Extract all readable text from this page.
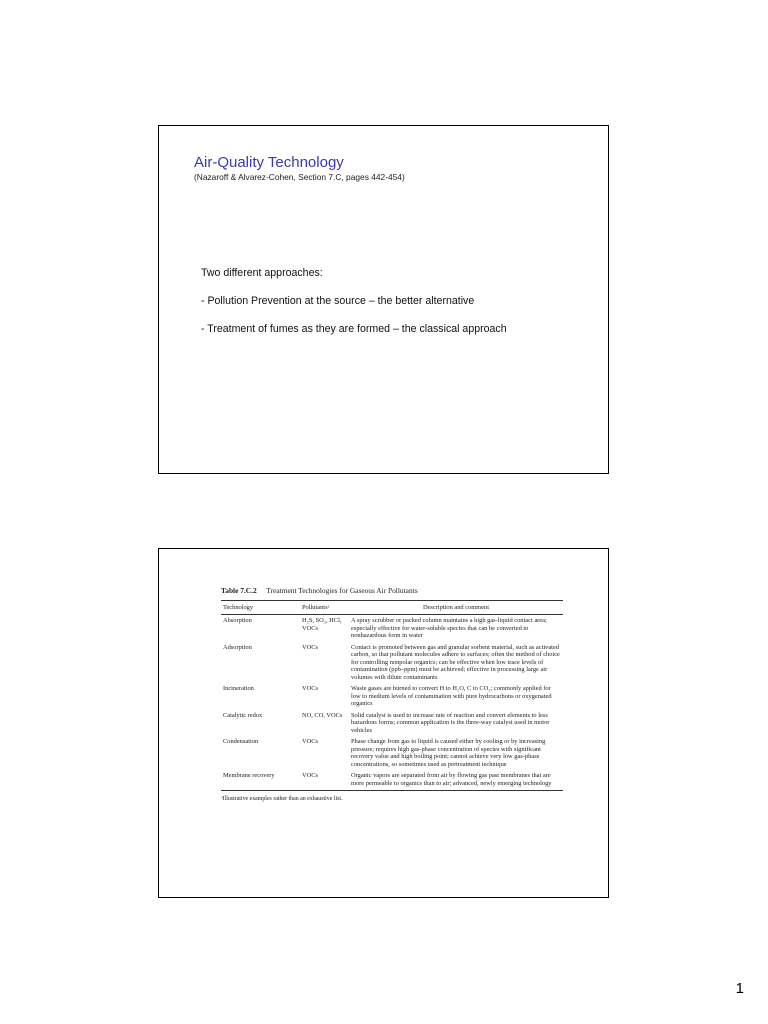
Air-Quality Technology
(Nazaroff & Alvarez-Cohen, Section 7.C, pages 442-454)
Two different approaches:
- Pollution Prevention at the source – the better alternative
- Treatment of fumes as they are formed – the classical approach
Table 7.C.2 Treatment Technologies for Gaseous Air Pollutants
Technology	Pollutantsᵃ	Description and comment
Absorption	H₂S, SO₂, HCl, VOCs	A spray scrubber or packed column maintains a high gas-liquid contact area; especially effective for water-soluble species that can be converted to nonhazardous form in water
Adsorption	VOCs	Contact is promoted between gas and granular sorbent material, such as activated carbon, so that pollutant molecules adhere to surfaces; often the method of choice for controlling nonpolar organics; can be effective when low trace levels of contamination (ppb–ppm) must be achieved; effective in processing large air volumes with dilute contaminants
Incineration	VOCs	Waste gases are burned to convert H to H₂O, C to CO₂; commonly applied for low to medium levels of contamination with pure hydrocarbons or oxygenated organics
Catalytic redox	NO, CO, VOCs	Solid catalyst is used to increase rate of reaction and convert elements to less hazardous forms; common application is the three-way catalyst used in motor vehicles
Condensation	VOCs	Phase change from gas to liquid is caused either by cooling or by increasing pressure; requires high gas-phase concentration of species with significant recovery value and high boiling point; cannot achieve very low gas-phase concentrations, so sometimes used as pretreatment technique
Membrane recovery	VOCs	Organic vapors are separated from air by flowing gas past membranes that are more permeable to organics than to air; advanced, newly emerging technology
ᵃIllustrative examples rather than an exhaustive list.
1
